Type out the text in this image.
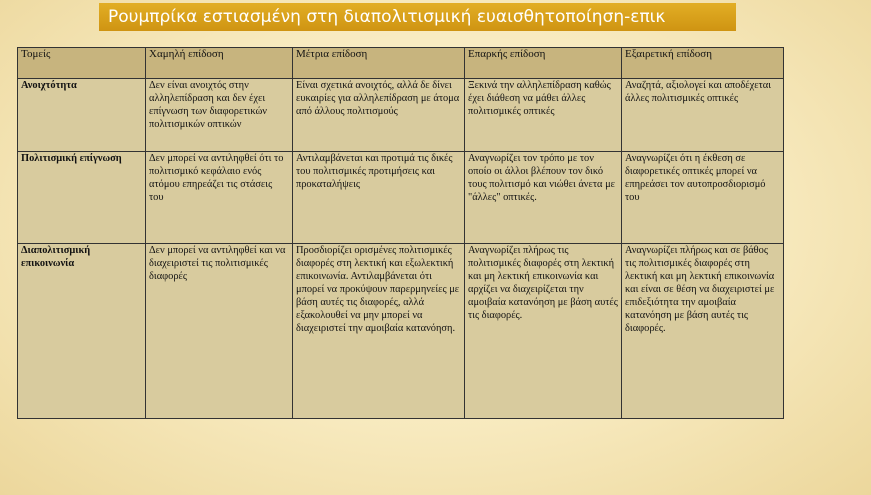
Ρουμπρίκα εστιασμένη στη διαπολιτισμική ευαισθητοποίηση-επικ
Τομείς	Χαμηλή επίδοση	Μέτρια επίδοση	Επαρκής επίδοση	Εξαιρετική επίδοση
Ανοιχτότητα	Δεν είναι ανοιχτός στην αλληλεπίδραση και δεν έχει επίγνωση των διαφορετικών πολιτισμικών οπτικών	Είναι σχετικά ανοιχτός, αλλά δε δίνει ευκαιρίες για αλληλεπίδραση με άτομα από άλλους πολιτισμούς	Ξεκινά την αλληλεπίδραση καθώς έχει διάθεση να μάθει άλλες πολιτισμικές οπτικές	Αναζητά, αξιολογεί και αποδέχεται άλλες πολιτισμικές οπτικές
Πολιτισμική επίγνωση	Δεν μπορεί να αντιληφθεί ότι το πολιτισμικό κεφάλαιο ενός ατόμου επηρεάζει τις στάσεις του	Αντιλαμβάνεται και προτιμά τις δικές του πολιτισμικές προτιμήσεις και προκαταλήψεις	Αναγνωρίζει τον τρόπο με τον οποίο οι άλλοι βλέπουν τον δικό τους πολιτισμό και νιώθει άνετα με "άλλες" οπτικές.	Αναγνωρίζει ότι η έκθεση σε διαφορετικές οπτικές μπορεί να επηρεάσει τον αυτοπροσδιορισμό του
Διαπολιτισμική επικοινωνία	Δεν μπορεί να αντιληφθεί και να διαχειριστεί τις πολιτισμικές διαφορές	Προσδιορίζει ορισμένες πολιτισμικές διαφορές στη λεκτική και εξωλεκτική επικοινωνία. Αντιλαμβάνεται ότι μπορεί να προκύψουν παρερμηνείες με βάση αυτές τις διαφορές, αλλά εξακολουθεί να μην μπορεί να διαχειριστεί την αμοιβαία κατανόηση.	Αναγνωρίζει πλήρως τις πολιτισμικές διαφορές στη λεκτική και μη λεκτική επικοινωνία και αρχίζει να διαχειρίζεται την αμοιβαία κατανόηση με βάση αυτές τις διαφορές.	Αναγνωρίζει πλήρως και σε βάθος τις πολιτισμικές διαφορές στη λεκτική και μη λεκτική επικοινωνία και είναι σε θέση να διαχειριστεί με επιδεξιότητα την αμοιβαία κατανόηση με βάση αυτές τις διαφορές.
